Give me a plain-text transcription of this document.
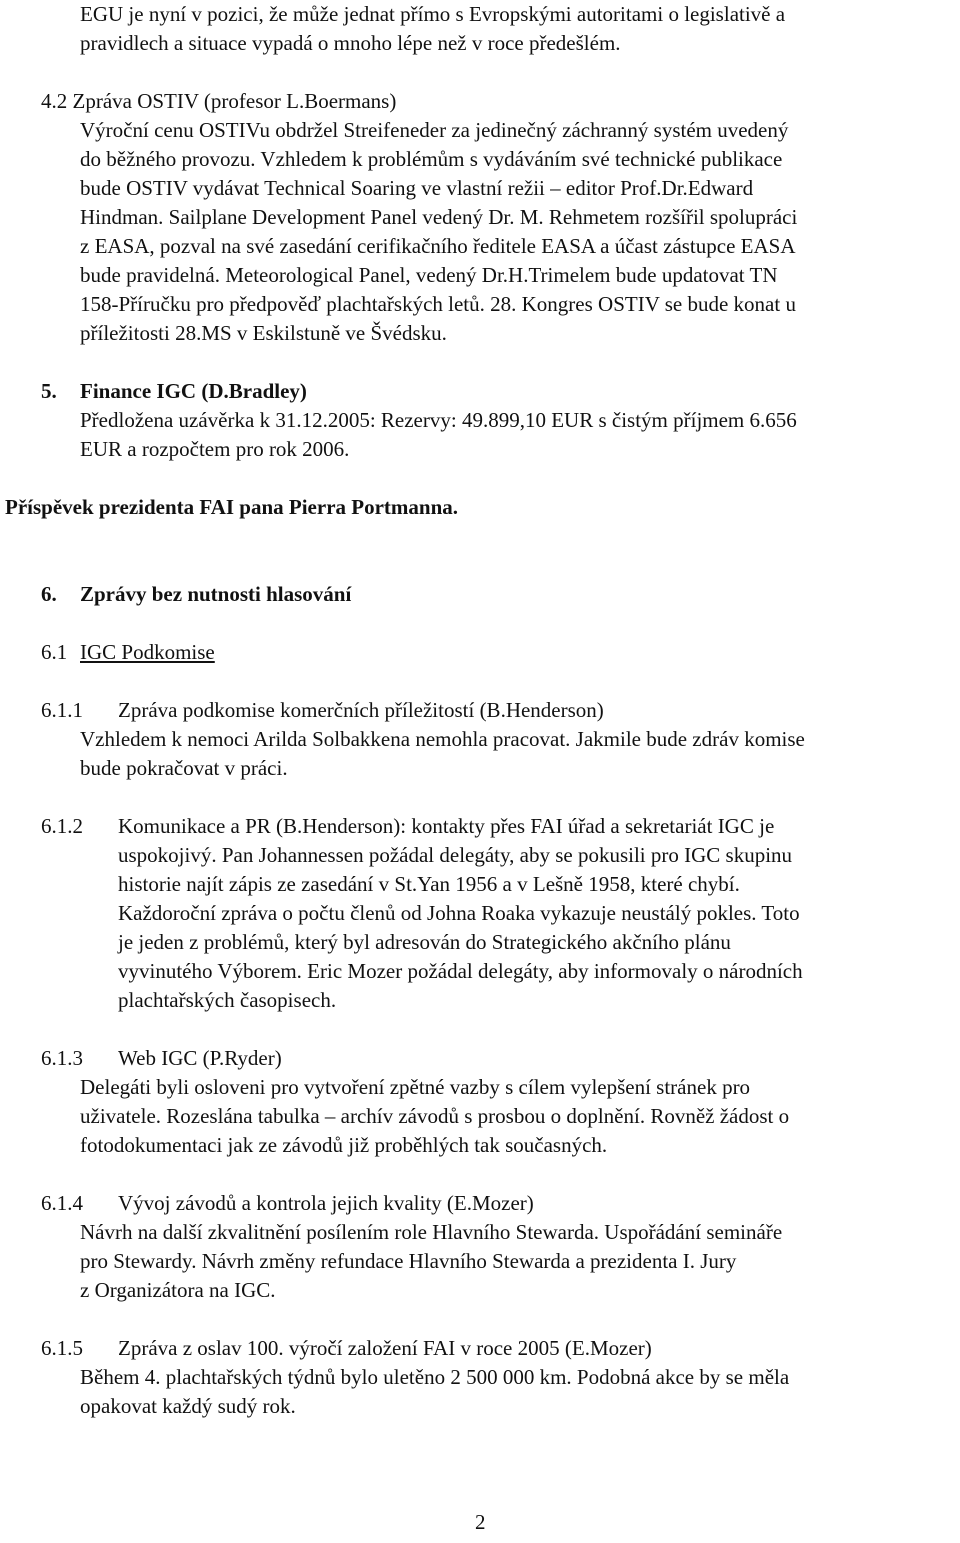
EGU je nyní v pozici, že může jednat přímo s Evropskými autoritami o legislativě a
pravidlech a situace vypadá o mnoho lépe než v roce předešlém.
4.2 Zpráva OSTIV (profesor L.Boermans)
Výroční cenu OSTIVu obdržel Streifeneder za jedinečný záchranný systém uvedený
do běžného provozu. Vzhledem k problémům s vydáváním své technické publikace
bude OSTIV vydávat Technical Soaring ve vlastní režii – editor Prof.Dr.Edward
Hindman. Sailplane Development Panel vedený Dr. M. Rehmetem rozšířil spolupráci
z EASA, pozval na své zasedání cerifikačního ředitele EASA a účast zástupce EASA
bude pravidelná. Meteorological Panel, vedený Dr.H.Trimelem bude updatovat TN
158-Příručku pro předpověď plachtařských letů. 28. Kongres OSTIV se bude konat u
příležitosti 28.MS v Eskilstuně ve Švédsku.
5. Finance IGC (D.Bradley)
Předložena uzávěrka k 31.12.2005: Rezervy: 49.899,10 EUR s čistým příjmem 6.656
EUR a rozpočtem pro rok 2006.
Příspěvek prezidenta FAI pana Pierra Portmanna.
6. Zprávy bez nutnosti hlasování
6.1 IGC Podkomise
6.1.1 Zpráva podkomise komerčních příležitostí (B.Henderson)
Vzhledem k nemoci Arilda Solbakkena nemohla pracovat. Jakmile bude zdráv komise
bude pokračovat v práci.
6.1.2 Komunikace a PR (B.Henderson): kontakty přes FAI úřad a sekretariát IGC je
uspokojivý. Pan Johannessen požádal delegáty, aby se pokusili pro IGC skupinu
historie najít zápis ze zasedání v St.Yan 1956 a v Lešně 1958, které chybí.
Každoroční zpráva o počtu členů od Johna Roaka vykazuje neustálý pokles. Toto
je jeden z problémů, který byl adresován do Strategického akčního plánu
vyvinutého Výborem. Eric Mozer požádal delegáty, aby informovaly o národních
plachtařských časopisech.
6.1.3 Web IGC (P.Ryder)
Delegáti byli osloveni pro vytvoření zpětné vazby s cílem vylepšení stránek pro
uživatele. Rozeslána tabulka – archív závodů s prosbou o doplnění. Rovněž žádost o
fotodokumentaci jak ze závodů již proběhlých tak současných.
6.1.4 Vývoj závodů a kontrola jejich kvality (E.Mozer)
Návrh na další zkvalitnění posílením role Hlavního Stewarda. Uspořádání semináře
pro Stewardy. Návrh změny refundace Hlavního Stewarda a prezidenta I. Jury
z Organizátora na IGC.
6.1.5 Zpráva z oslav 100. výročí založení FAI v roce 2005 (E.Mozer)
Během 4. plachtařských týdnů bylo uletěno 2 500 000 km. Podobná akce by se měla
opakovat každý sudý rok.
2
